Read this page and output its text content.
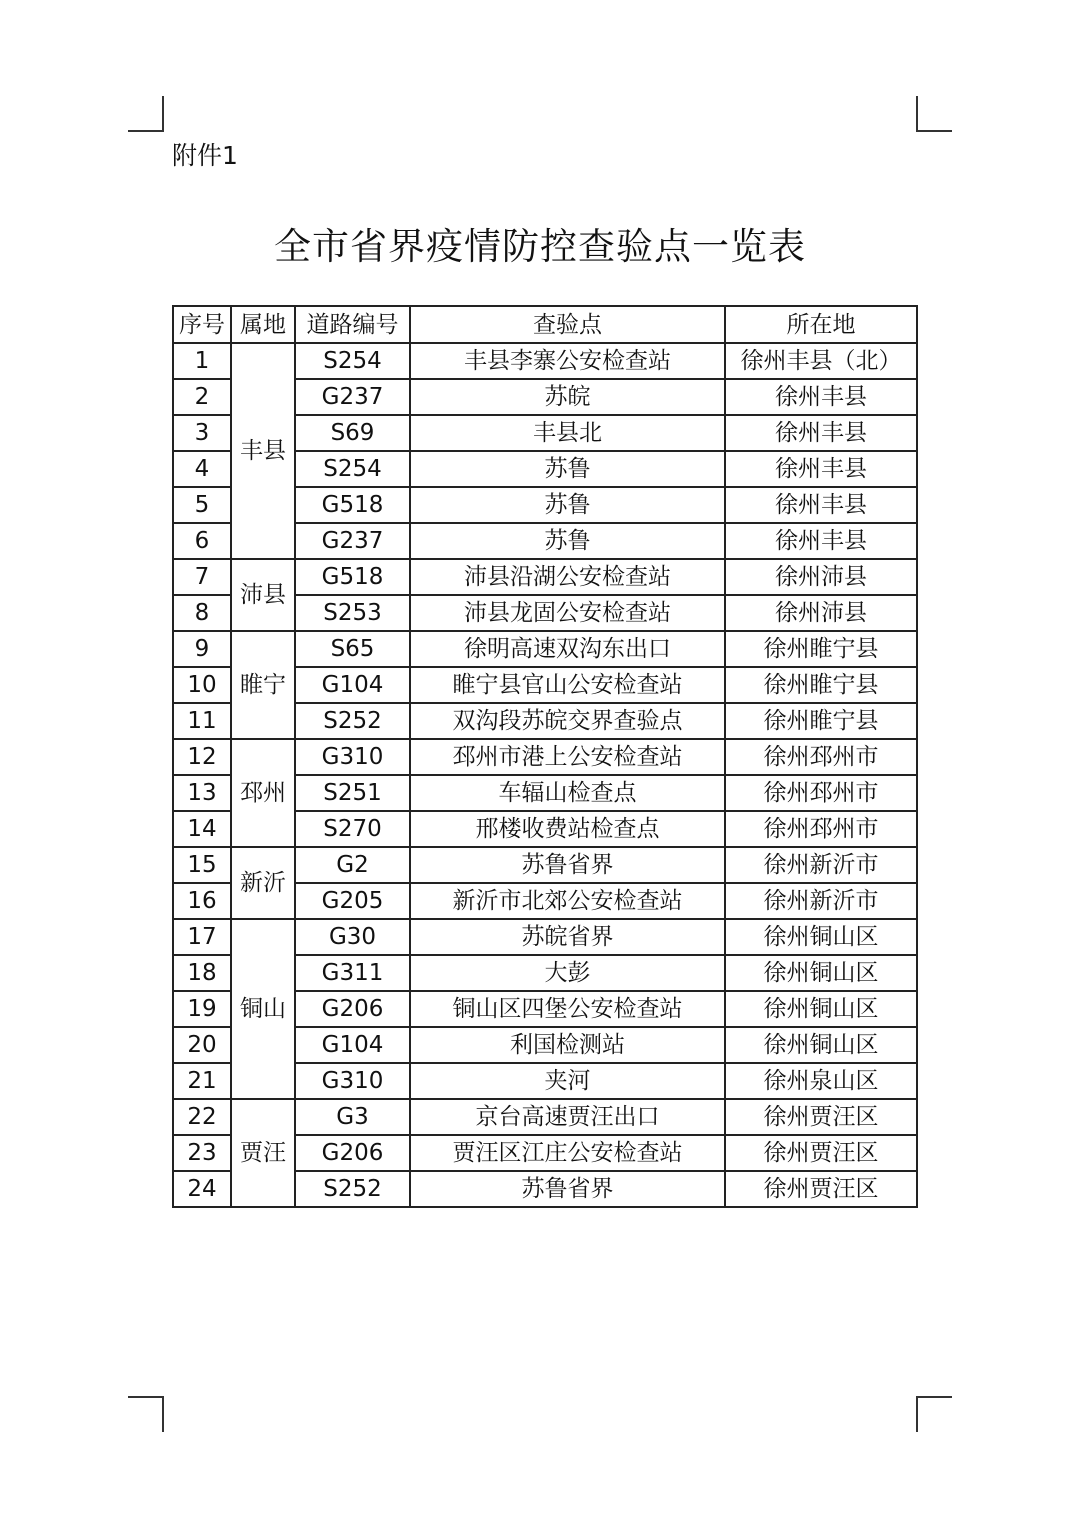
附件1
全市省界疫情防控查验点一览表
序号	属地	道路编号	查验点	所在地
1	丰县	S254	丰县李寨公安检查站	徐州丰县（北）
2		G237	苏皖	徐州丰县
3		S69	丰县北	徐州丰县
4		S254	苏鲁	徐州丰县
5		G518	苏鲁	徐州丰县
6		G237	苏鲁	徐州丰县
7	沛县	G518	沛县沿湖公安检查站	徐州沛县
8		S253	沛县龙固公安检查站	徐州沛县
9	睢宁	S65	徐明高速双沟东出口	徐州睢宁县
10		G104	睢宁县官山公安检查站	徐州睢宁县
11		S252	双沟段苏皖交界查验点	徐州睢宁县
12	邳州	G310	邳州市港上公安检查站	徐州邳州市
13		S251	车辐山检查点	徐州邳州市
14		S270	邢楼收费站检查点	徐州邳州市
15	新沂	G2	苏鲁省界	徐州新沂市
16		G205	新沂市北郊公安检查站	徐州新沂市
17	铜山	G30	苏皖省界	徐州铜山区
18		G311	大彭	徐州铜山区
19		G206	铜山区四堡公安检查站	徐州铜山区
20		G104	利国检测站	徐州铜山区
21		G310	夹河	徐州泉山区
22	贾汪	G3	京台高速贾汪出口	徐州贾汪区
23		G206	贾汪区江庄公安检查站	徐州贾汪区
24		S252	苏鲁省界	徐州贾汪区
